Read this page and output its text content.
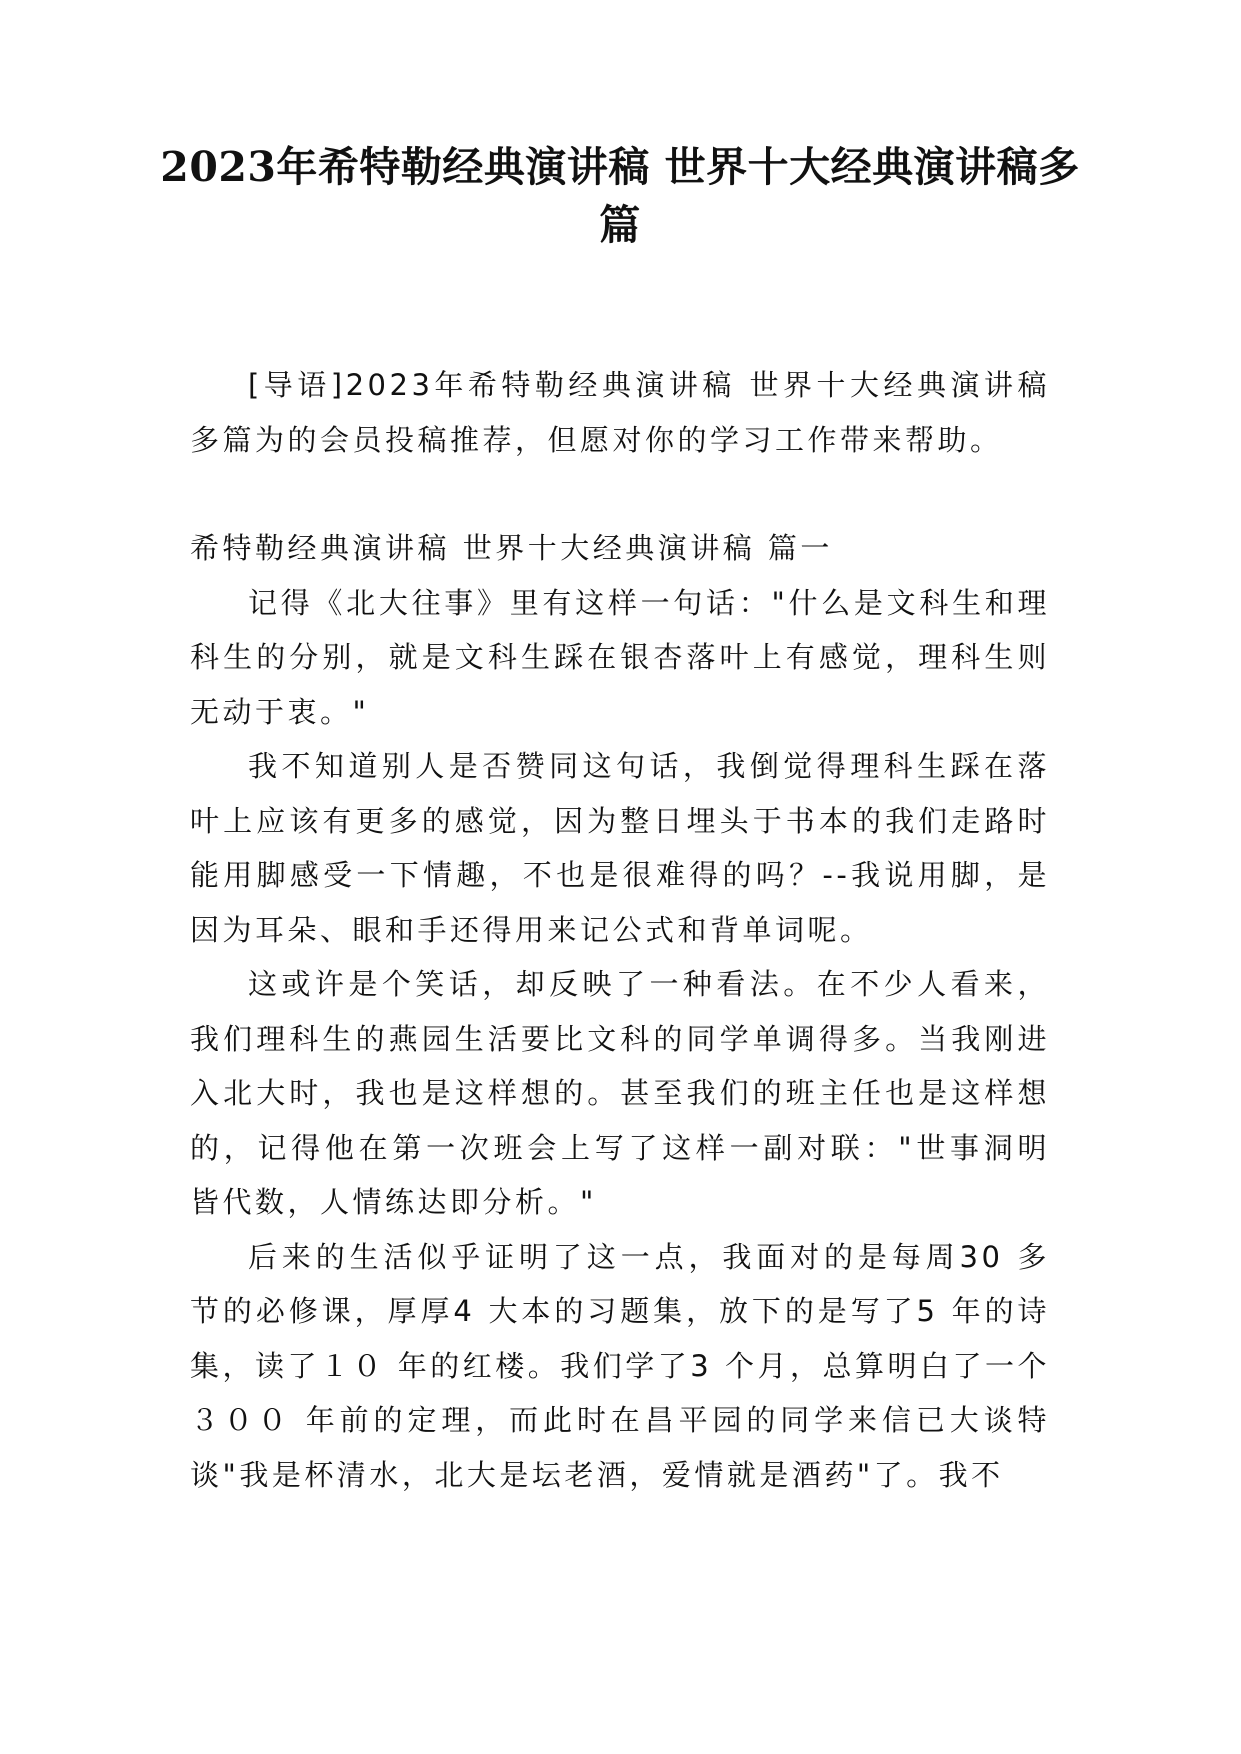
2023年希特勒经典演讲稿 世界十大经典演讲稿多篇

[导语]2023年希特勒经典演讲稿 世界十大经典演讲稿多篇为的会员投稿推荐，但愿对你的学习工作带来帮助。

希特勒经典演讲稿 世界十大经典演讲稿 篇一

记得《北大往事》里有这样一句话："什么是文科生和理科生的分别，就是文科生踩在银杏落叶上有感觉，理科生则无动于衷。"

我不知道别人是否赞同这句话，我倒觉得理科生踩在落叶上应该有更多的感觉，因为整日埋头于书本的我们走路时能用脚感受一下情趣，不也是很难得的吗？--我说用脚，是因为耳朵、眼和手还得用来记公式和背单词呢。

这或许是个笑话，却反映了一种看法。在不少人看来，我们理科生的燕园生活要比文科的同学单调得多。当我刚进入北大时，我也是这样想的。甚至我们的班主任也是这样想的，记得他在第一次班会上写了这样一副对联："世事洞明皆代数，人情练达即分析。"

后来的生活似乎证明了这一点，我面对的是每周30 多节的必修课，厚厚4 大本的习题集，放下的是写了5 年的诗集，读了１０ 年的红楼。我们学了3 个月，总算明白了一个３００ 年前的定理，而此时在昌平园的同学来信已大谈特谈"我是杯清水，北大是坛老酒，爱情就是酒药"了。我不
